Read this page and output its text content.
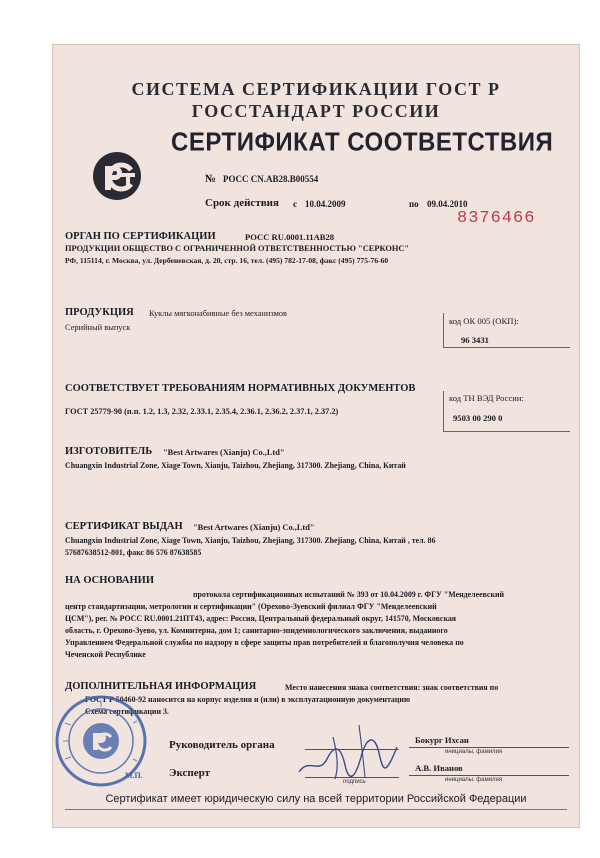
СИСТЕМА СЕРТИФИКАЦИИ ГОСТ Р
ГОССТАНДАРТ РОССИИ
СЕРТИФИКАТ СООТВЕТСТВИЯ
№ РОСС CN.AB28.B00554
Срок действия с 10.04.2009	по 09.04.2010
8376466
ОРГАН ПО СЕРТИФИКАЦИИ	РОСС RU.0001.11AB28
ПРОДУКЦИИ ОБЩЕСТВО С ОГРАНИЧЕННОЙ ОТВЕТСТВЕННОСТЬЮ "СЕРКОНС"
РФ, 115114, г. Москва, ул. Дербеневская, д. 20, стр. 16, тел. (495) 782-17-08, факс (495) 775-76-60
ПРОДУКЦИЯ Куклы мягконабивные без механизмов
Серийный выпуск
код ОК 005 (ОКП):
96 3431
СООТВЕТСТВУЕТ ТРЕБОВАНИЯМ НОРМАТИВНЫХ ДОКУМЕНТОВ
ГОСТ 25779-90 (п.п. 1.2, 1.3, 2.32, 2.33.1, 2.35.4, 2.36.1, 2.36.2, 2.37.1, 2.37.2)
код ТН ВЭД России:
9503 00 290 0
ИЗГОТОВИТЕЛЬ "Best Artwares (Xianju) Co.,Ltd"
Chuangxin Industrial Zone, Xiage Town, Xianju, Taizhou, Zhejiang, 317300. Zhejiang, China, Китай
СЕРТИФИКАТ ВЫДАН "Best Artwares (Xianju) Co.,Ltd"
Chuangxin Industrial Zone, Xiage Town, Xianju, Taizhou, Zhejiang, 317300. Zhejiang, China, Китай , тел. 86
57687638512-801, факс 86 576 87638585
НА ОСНОВАНИИ
протокола сертификационных испытаний № 393 от 10.04.2009 г. ФГУ "Менделеевский
центр стандартизации, метрологии и сертификации" (Орехово-Зуевский филиал ФГУ "Менделеевский
ЦСМ"), рег. № РОСС RU.0001.21ПТ43, адрес: Россия, Центральный федеральный округ, 141570, Московская
область, г. Орехово-Зуево, ул. Коминтерна, дом 1; санитарно-эпидемиологического заключения, выданного
Управлением Федеральной службы по надзору в сфере защиты прав потребителей и благополучия человека по
Чеченской Республике
ДОПОЛНИТЕЛЬНАЯ ИНФОРМАЦИЯ	Место нанесения знака соответствия: знак соответствия по
ГОСТ Р 50460-92 наносится на корпус изделия и (или) в эксплуатационную документацию
Схема сертификации 3.
М.П.
Руководитель органа	Бокург Ихсан
инициалы, фамилия
Эксперт
подпись
А.В. Иванов
инициалы, фамилия
Сертификат имеет юридическую силу на всей территории Российской Федерации
